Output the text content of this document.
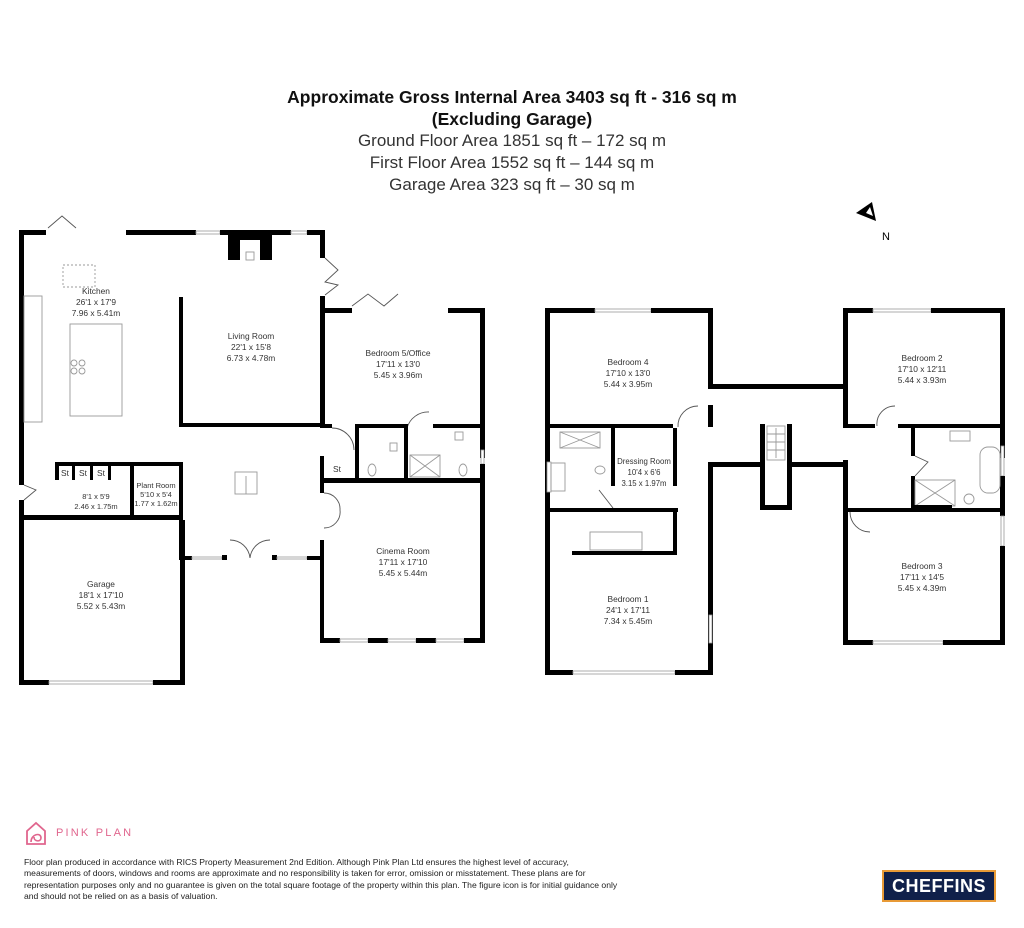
Approximate Gross Internal Area 3403 sq ft - 316 sq m
(Excluding Garage)
Ground Floor Area 1851 sq ft – 172 sq m
First Floor Area 1552 sq ft – 144 sq m
Garage Area 323 sq ft – 30 sq m
N
Kitchen
26'1 x 17'9
7.96 x 5.41m
Living Room
22'1 x 15'8
6.73 x 4.78m	Bedroom 5/Office
17'11 x 13'0
5.45 x 3.96m
St St St	St
8'1 x 5'9
2.46 x 1.75m
Plant Room
5'10 x 5'4
1.77 x 1.62m
Cinema Room
17'11 x 17'10
5.45 x 5.44m
Garage
18'1 x 17'10
5.52 x 5.43m
Bedroom 4
17'10 x 13'0
5.44 x 3.95m
Dressing Room
10'4 x 6'6
3.15 x 1.97m
Bedroom 1
24'1 x 17'11
7.34 x 5.45m
Bedroom 2
17'10 x 12'11
5.44 x 3.93m
Bedroom 3
17'11 x 14'5
5.45 x 4.39m
PINK PLAN
Floor plan produced in accordance with RICS Property Measurement 2nd Edition. Although Pink Plan Ltd ensures the highest level of accuracy, measurements of doors, windows and rooms are approximate and no responsibility is taken for error, omission or misstatement. These plans are for representation purposes only and no guarantee is given on the total square footage of the property within this plan. The figure icon is for initial guidance only and should not be relied on as a basis of valuation.	CHEFFINS
